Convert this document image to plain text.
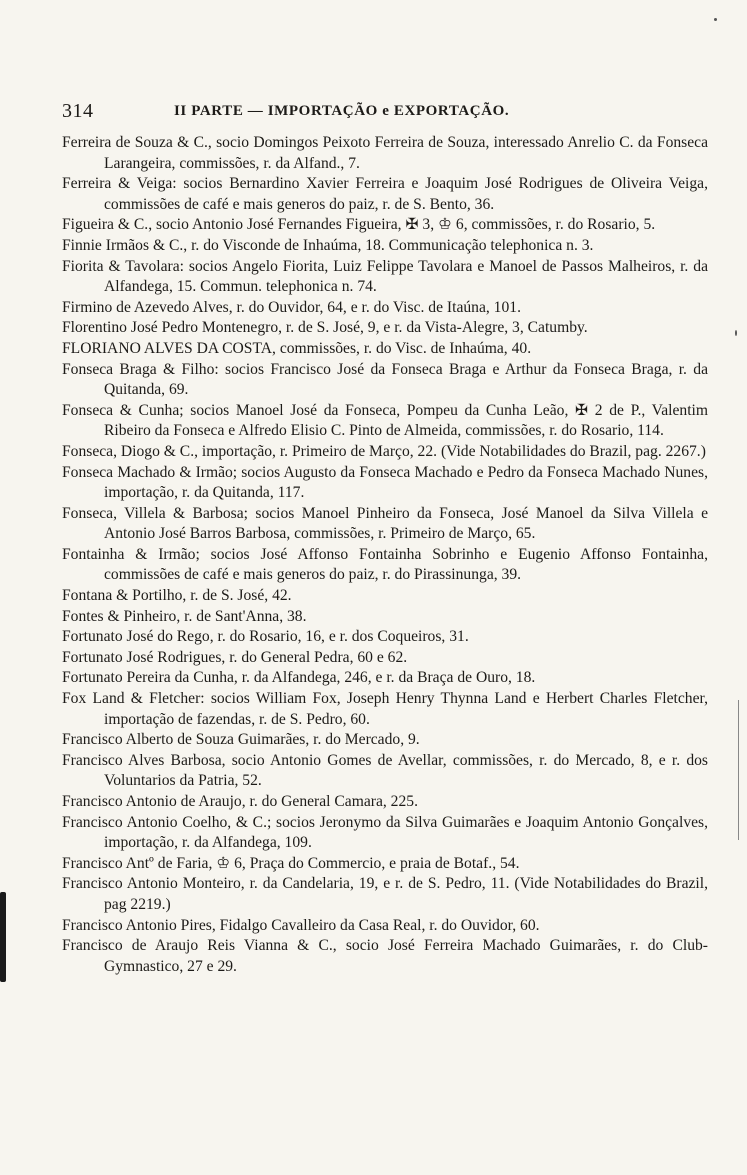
314	II PARTE — IMPORTAÇÃO e EXPORTAÇÃO.

Ferreira de Souza & C., socio Domingos Peixoto Ferreira de Souza, interessado Anrelio C. da Fonseca Larangeira, commissões, r. da Alfand., 7.

Ferreira & Veiga: socios Bernardino Xavier Ferreira e Joaquim José Rodrigues de Oliveira Veiga, commissões de café e mais generos do paiz, r. de S. Bento, 36.

Figueira & C., socio Antonio José Fernandes Figueira, ✠ 3, ♔ 6, commissões, r. do Rosario, 5.

Finnie Irmãos & C., r. do Visconde de Inhaúma, 18. Communicação telephonica n. 3.

Fiorita & Tavolara: socios Angelo Fiorita, Luiz Felippe Tavolara e Manoel de Passos Malheiros, r. da Alfandega, 15. Commun. telephonica n. 74.

Firmino de Azevedo Alves, r. do Ouvidor, 64, e r. do Visc. de Itaúna, 101.

Florentino José Pedro Montenegro, r. de S. José, 9, e r. da Vista-Alegre, 3, Catumby.

FLORIANO ALVES DA COSTA, commissões, r. do Visc. de Inhaúma, 40.

Fonseca Braga & Filho: socios Francisco José da Fonseca Braga e Arthur da Fonseca Braga, r. da Quitanda, 69.

Fonseca & Cunha; socios Manoel José da Fonseca, Pompeu da Cunha Leão, ✠ 2 de P., Valentim Ribeiro da Fonseca e Alfredo Elisio C. Pinto de Almeida, commissões, r. do Rosario, 114.

Fonseca, Diogo & C., importação, r. Primeiro de Março, 22. (Vide Notabilidades do Brazil, pag. 2267.)

Fonseca Machado & Irmão; socios Augusto da Fonseca Machado e Pedro da Fonseca Machado Nunes, importação, r. da Quitanda, 117.

Fonseca, Villela & Barbosa; socios Manoel Pinheiro da Fonseca, José Manoel da Silva Villela e Antonio José Barros Barbosa, commissões, r. Primeiro de Março, 65.

Fontainha & Irmão; socios José Affonso Fontainha Sobrinho e Eugenio Affonso Fontainha, commissões de café e mais generos do paiz, r. do Pirassinunga, 39.

Fontana & Portilho, r. de S. José, 42.

Fontes & Pinheiro, r. de Sant'Anna, 38.

Fortunato José do Rego, r. do Rosario, 16, e r. dos Coqueiros, 31.

Fortunato José Rodrigues, r. do General Pedra, 60 e 62.

Fortunato Pereira da Cunha, r. da Alfandega, 246, e r. da Braça de Ouro, 18.

Fox Land & Fletcher: socios William Fox, Joseph Henry Thynna Land e Herbert Charles Fletcher, importação de fazendas, r. de S. Pedro, 60.

Francisco Alberto de Souza Guimarães, r. do Mercado, 9.

Francisco Alves Barbosa, socio Antonio Gomes de Avellar, commissões, r. do Mercado, 8, e r. dos Voluntarios da Patria, 52.

Francisco Antonio de Araujo, r. do General Camara, 225.

Francisco Antonio Coelho, & C.; socios Jeronymo da Silva Guimarães e Joaquim Antonio Gonçalves, importação, r. da Alfandega, 109.

Francisco Antº de Faria, ♔ 6, Praça do Commercio, e praia de Botaf., 54.

Francisco Antonio Monteiro, r. da Candelaria, 19, e r. de S. Pedro, 11. (Vide Notabilidades do Brazil, pag 2219.)

Francisco Antonio Pires, Fidalgo Cavalleiro da Casa Real, r. do Ouvidor, 60.

Francisco de Araujo Reis Vianna & C., socio José Ferreira Machado Guimarães, r. do Club-Gymnastico, 27 e 29.
